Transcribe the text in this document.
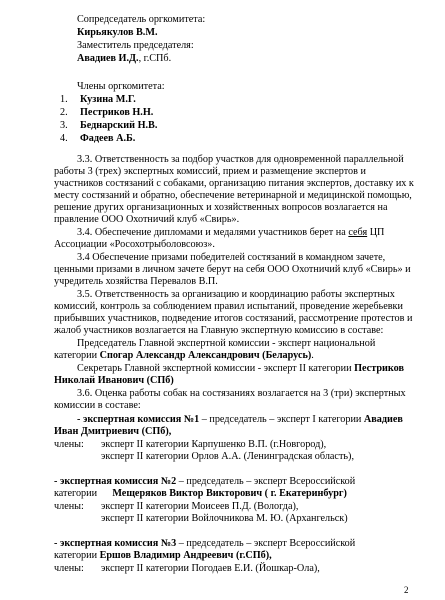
Сопредседатель оргкомитета:
Кирьякулов В.М.
Заместитель председателя:
Авадиев И.Д., г.СПб.
Члены оргкомитета:
1. Кузина М.Г.
2. Пестриков Н.Н.
3. Беднарский Н.В.
4. Фадеев А.Б.
3.3. Ответственность за подбор участков для одновременной параллельной
работы 3 (трех) экспертных комиссий, прием и размещение экспертов и
участников состязаний с собаками, организацию питания экспертов, доставку их к
месту состязаний и обратно, обеспечение ветеринарной и медицинской помощью,
решение других организационных и хозяйственных вопросов возлагается на
правление ООО Охотничий клуб «Свирь».
3.4. Обеспечение дипломами и медалями участников берет на себя ЦП
Ассоциации «Росохотрыболовсоюз».
3.4 Обеспечение призами победителей состязаний в командном зачете,
ценными призами в личном зачете берут на себя ООО Охотничий клуб «Свирь» и
учредитель хозяйства Перевалов В.П.
3.5. Ответственность за организацию и координацию работы экспертных
комиссий, контроль за соблюдением правил испытаний, проведение жеребьевки
прибывших участников, подведение итогов состязаний, рассмотрение протестов и
жалоб участников возлагается на Главную экспертную комиссию в составе:
Председатель Главной экспертной комиссии - эксперт национальной
категории Спогар Александр Александрович (Беларусь).
Секретарь Главной экспертной комиссии - эксперт II категории Пестриков
Николай Иванович (СПб)
3.6. Оценка работы собак на состязаниях возлагается на 3 (три) экспертных
комиссии в составе:
- экспертная комиссия №1 – председатель – эксперт I категории Авадиев
Иван Дмитриевич (СПб),
члены: эксперт II категории Карпушенко В.П. (г.Новгород),
эксперт II категории Орлов А.А. (Ленинградская область),
- экспертная комиссия №2 – председатель – эксперт Всероссийской
категории      Мещеряков Виктор Викторович ( г. Екатеринбург)
члены: эксперт II категории Моисеев П.Д. (Вологда),
эксперт II категории Войлочникова М. Ю. (Архангельск)
- экспертная комиссия №3 – председатель – эксперт Всероссийской
категории Ершов Владимир Андреевич (г.СПб),
члены: эксперт II категории Погодаев Е.И. (Йошкар-Ола),
2
